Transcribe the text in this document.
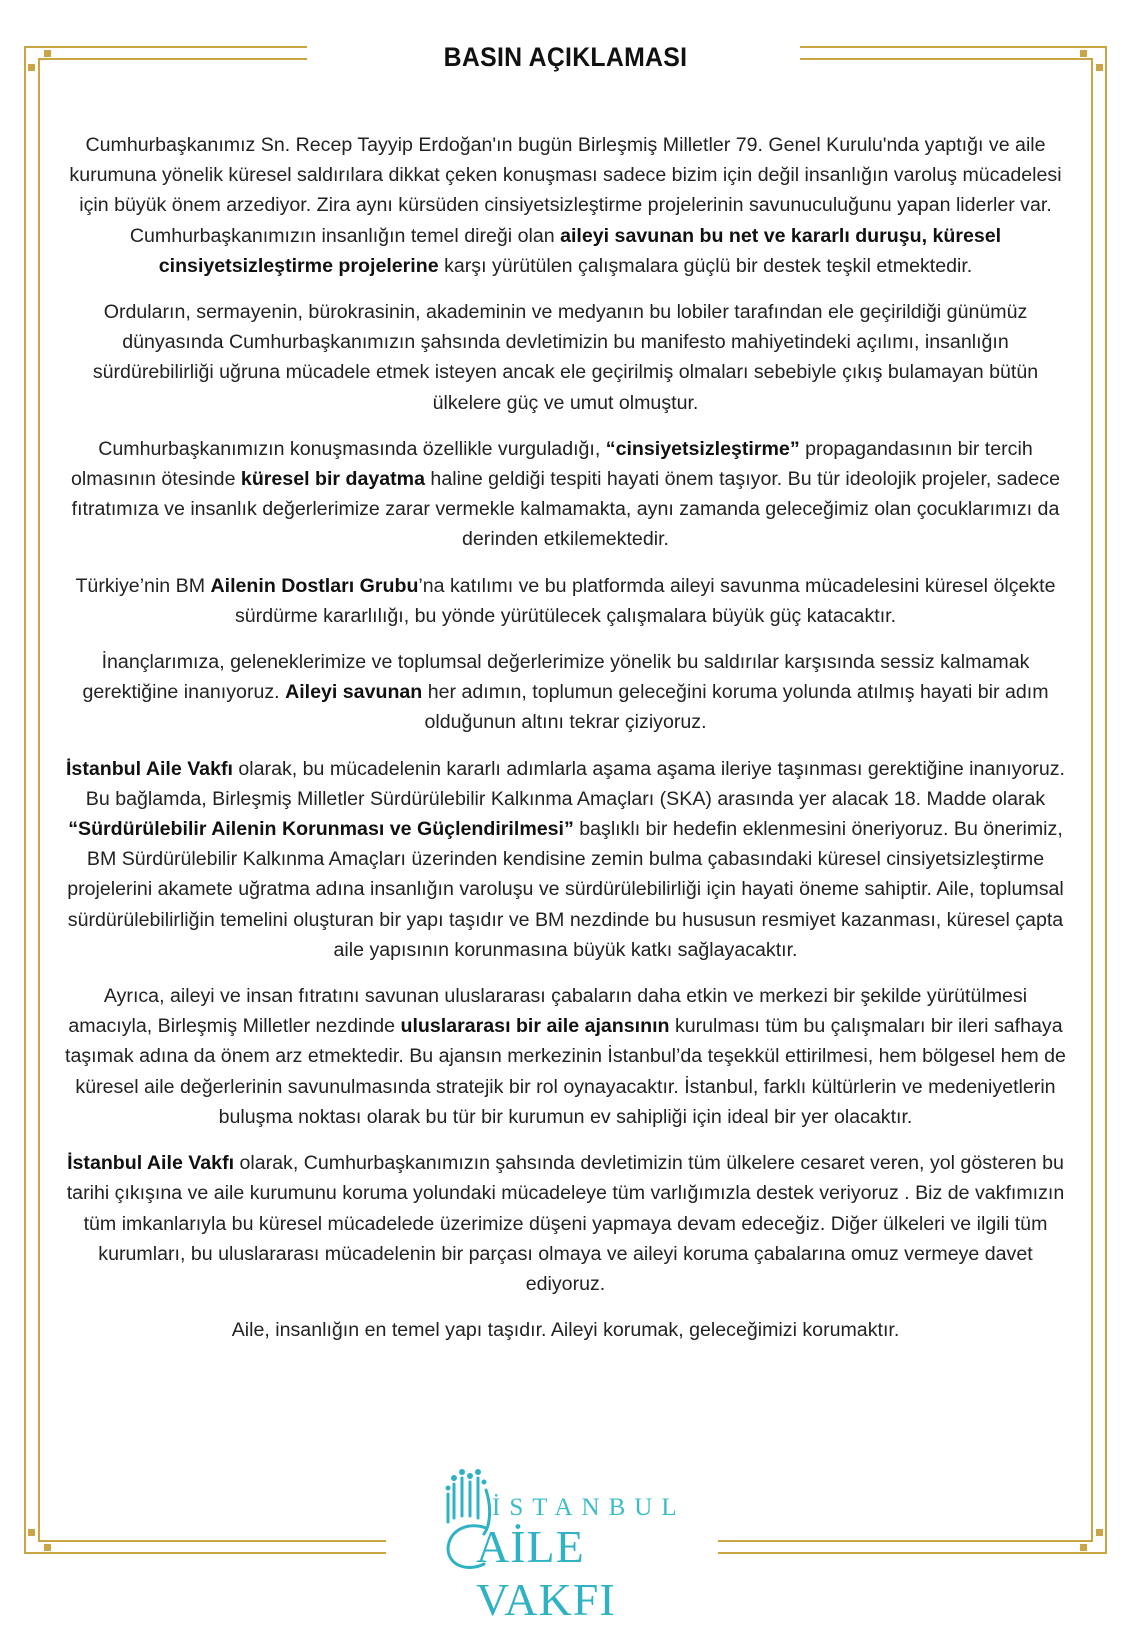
BASIN AÇIKLAMASI

Cumhurbaşkanımız Sn. Recep Tayyip Erdoğan'ın bugün Birleşmiş Milletler 79. Genel Kurulu'nda yaptığı ve aile kurumuna yönelik küresel saldırılara dikkat çeken konuşması sadece bizim için değil insanlığın varoluş mücadelesi için büyük önem arzediyor. Zira aynı kürsüden cinsiyetsizleştirme projelerinin savunuculuğunu yapan liderler var. Cumhurbaşkanımızın insanlığın temel direği olan aileyi savunan bu net ve kararlı duruşu, küresel cinsiyetsizleştirme projelerine karşı yürütülen çalışmalara güçlü bir destek teşkil etmektedir.

Orduların, sermayenin, bürokrasinin, akademinin ve medyanın bu lobiler tarafından ele geçirildiği günümüz dünyasında Cumhurbaşkanımızın şahsında devletimizin bu manifesto mahiyetindeki açılımı, insanlığın sürdürebilirliği uğruna mücadele etmek isteyen ancak ele geçirilmiş olmaları sebebiyle çıkış bulamayan bütün ülkelere güç ve umut olmuştur.

Cumhurbaşkanımızın konuşmasında özellikle vurguladığı, “cinsiyetsizleştirme” propagandasının bir tercih olmasının ötesinde küresel bir dayatma haline geldiği tespiti hayati önem taşıyor. Bu tür ideolojik projeler, sadece fıtratımıza ve insanlık değerlerimize zarar vermekle kalmamakta, aynı zamanda geleceğimiz olan çocuklarımızı da derinden etkilemektedir.

Türkiye’nin BM Ailenin Dostları Grubu’na katılımı ve bu platformda aileyi savunma mücadelesini küresel ölçekte sürdürme kararlılığı, bu yönde yürütülecek çalışmalara büyük güç katacaktır.

İnançlarımıza, geleneklerimize ve toplumsal değerlerimize yönelik bu saldırılar karşısında sessiz kalmamak gerektiğine inanıyoruz. Aileyi savunan her adımın, toplumun geleceğini koruma yolunda atılmış hayati bir adım olduğunun altını tekrar çiziyoruz.

İstanbul Aile Vakfı olarak, bu mücadelenin kararlı adımlarla aşama aşama ileriye taşınması gerektiğine inanıyoruz. Bu bağlamda, Birleşmiş Milletler Sürdürülebilir Kalkınma Amaçları (SKA) arasında yer alacak 18. Madde olarak “Sürdürülebilir Ailenin Korunması ve Güçlendirilmesi” başlıklı bir hedefin eklenmesini öneriyoruz. Bu önerimiz, BM Sürdürülebilir Kalkınma Amaçları üzerinden kendisine zemin bulma çabasındaki küresel cinsiyetsizleştirme projelerini akamete uğratma adına insanlığın varoluşu ve sürdürülebilirliği için hayati öneme sahiptir. Aile, toplumsal sürdürülebilirliğin temelini oluşturan bir yapı taşıdır ve BM nezdinde bu hususun resmiyet kazanması, küresel çapta aile yapısının korunmasına büyük katkı sağlayacaktır.

Ayrıca, aileyi ve insan fıtratını savunan uluslararası çabaların daha etkin ve merkezi bir şekilde yürütülmesi amacıyla, Birleşmiş Milletler nezdinde uluslararası bir aile ajansının kurulması tüm bu çalışmaları bir ileri safhaya taşımak adına da önem arz etmektedir. Bu ajansın merkezinin İstanbul’da teşekkül ettirilmesi, hem bölgesel hem de küresel aile değerlerinin savunulmasında stratejik bir rol oynayacaktır. İstanbul, farklı kültürlerin ve medeniyetlerin buluşma noktası olarak bu tür bir kurumun ev sahipliği için ideal bir yer olacaktır.

İstanbul Aile Vakfı olarak, Cumhurbaşkanımızın şahsında devletimizin tüm ülkelere cesaret veren, yol gösteren bu tarihi çıkışına ve aile kurumunu koruma yolundaki mücadeleye tüm varlığımızla destek veriyoruz . Biz de vakfımızın tüm imkanlarıyla bu küresel mücadelede üzerimize düşeni yapmaya devam edeceğiz. Diğer ülkeleri ve ilgili tüm kurumları, bu uluslararası mücadelenin bir parçası olmaya ve aileyi koruma çabalarına omuz vermeye davet ediyoruz.

Aile, insanlığın en temel yapı taşıdır. Aileyi korumak, geleceğimizi korumaktır.

İSTANBUL
AİLE VAKFI
